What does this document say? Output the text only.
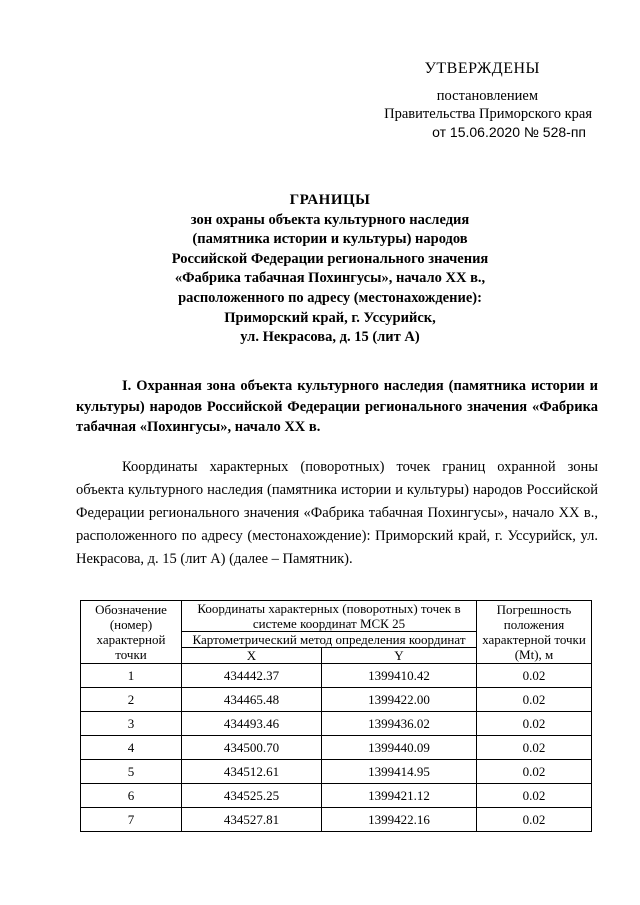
УТВЕРЖДЕНЫ
постановлением
Правительства Приморского края
от 15.06.2020 № 528-пп
ГРАНИЦЫ
зон охраны объекта культурного наследия
(памятника истории и культуры) народов
Российской Федерации регионального значения
«Фабрика табачная Похингусы», начало XX в.,
расположенного по адресу (местонахождение):
Приморский край, г. Уссурийск,
ул. Некрасова, д. 15 (лит А)
I. Охранная зона объекта культурного наследия (памятника истории и культуры) народов Российской Федерации регионального значения «Фабрика табачная «Похингусы», начало XX в.
Координаты характерных (поворотных) точек границ охранной зоны объекта культурного наследия (памятника истории и культуры) народов Российской Федерации регионального значения «Фабрика табачная Похингусы», начало XX в., расположенного по адресу (местонахождение): Приморский край, г. Уссурийск, ул. Некрасова, д. 15 (лит А) (далее – Памятник).
Обозначение (номер) характерной точки	Координаты характерных (поворотных) точек в системе координат МСК 25		Погрешность положения характерной точки (Mt), м
	Картометрический метод определения координат		
	X	Y	
1	434442.37	1399410.42	0.02
2	434465.48	1399422.00	0.02
3	434493.46	1399436.02	0.02
4	434500.70	1399440.09	0.02
5	434512.61	1399414.95	0.02
6	434525.25	1399421.12	0.02
7	434527.81	1399422.16	0.02
